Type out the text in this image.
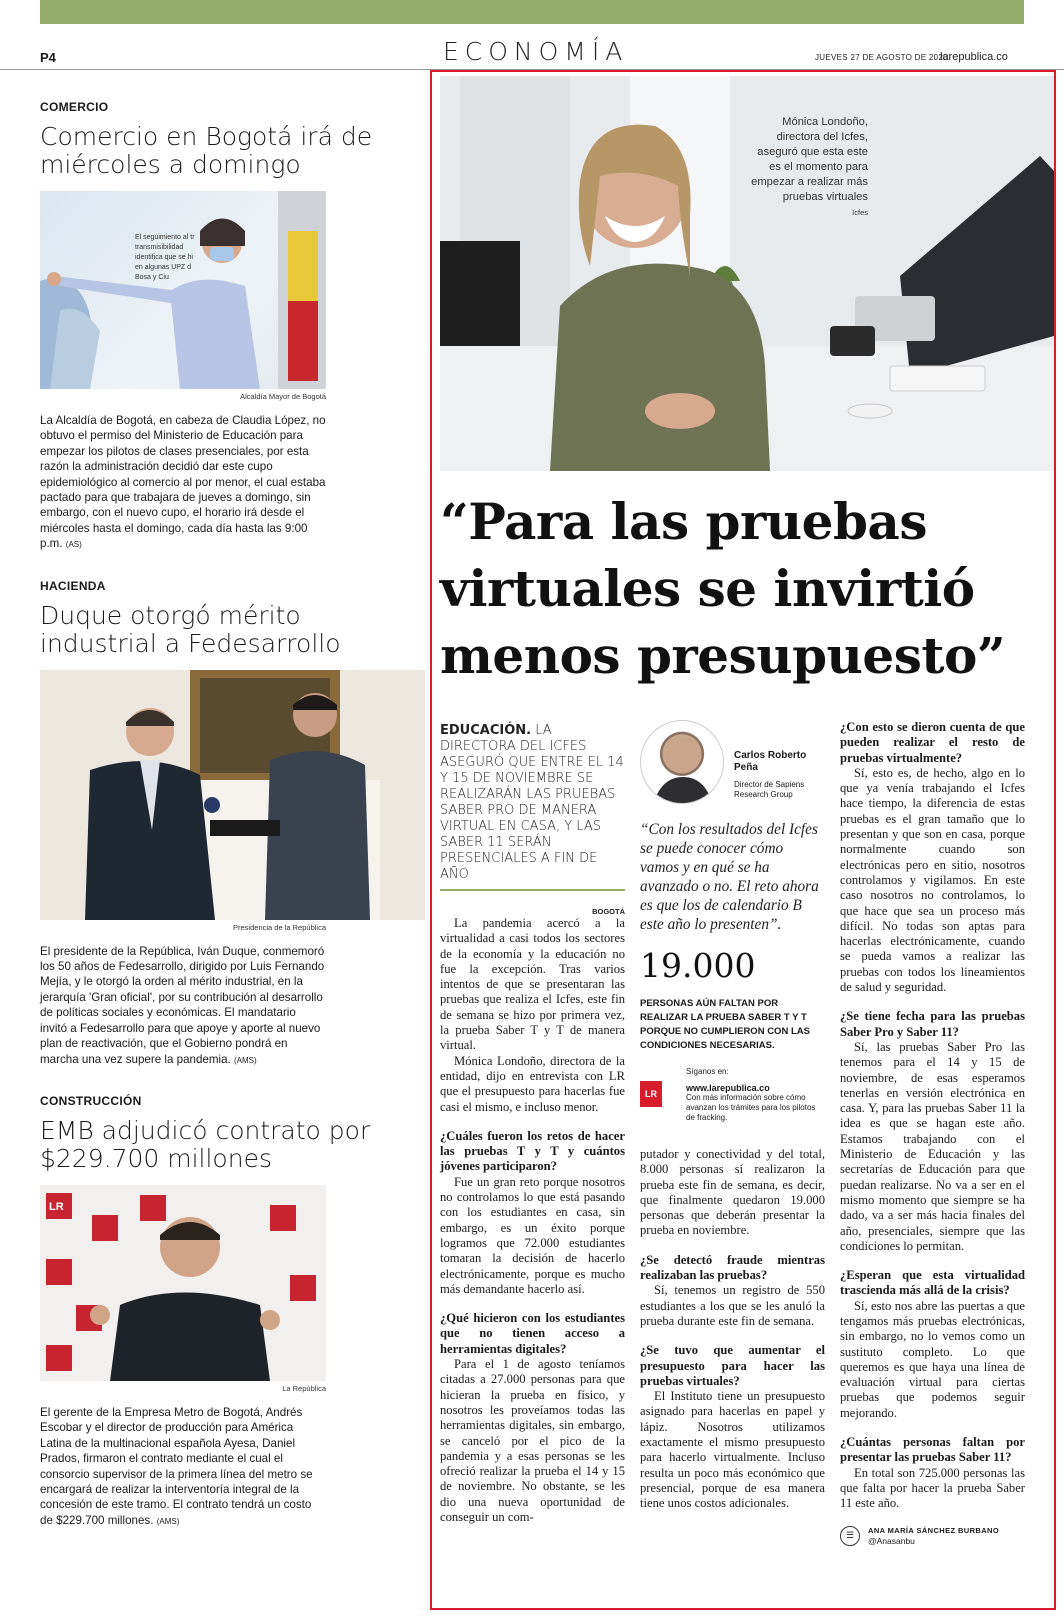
P4	ECONOMÍA	JUEVES 27 DE AGOSTO DE 2020
larepublica.co
COMERCIO
Comercio en Bogotá irá de miércoles a domingo
El seguimiento al tr
transmisibilidad
identifica que se hi
en algunas UPZ d
Bosa y Ciu
Alcaldía Mayor de Bogotá

La Alcaldía de Bogotá, en cabeza de Claudia López, no obtuvo el permiso del Ministerio de Educación para empezar los pilotos de clases presenciales, por esta razón la administración decidió dar este cupo epidemiológico al comercio al por menor, el cual estaba pactado para que trabajara de jueves a domingo, sin embargo, con el nuevo cupo, el horario irá desde el miércoles hasta el domingo, cada día hasta las 9:00 p.m. (AS)

HACIENDA
Duque otorgó mérito industrial a Fedesarrollo
Presidencia de la República

El presidente de la República, Iván Duque, conmemoró los 50 años de Fedesarrollo, dirigido por Luis Fernando Mejía, y le otorgó la orden al mérito industrial, en la jerarquía 'Gran oficial', por su contribución al desarrollo de políticas sociales y económicas. El mandatario invitó a Fedesarrollo para que apoye y aporte al nuevo plan de reactivación, que el Gobierno pondrá en marcha una vez supere la pandemia. (AMS)

CONSTRUCCIÓN
EMB adjudicó contrato por $229.700 millones
LR
La República

El gerente de la Empresa Metro de Bogotá, Andrés Escobar y el director de producción para América Latina de la multinacional española Ayesa, Daniel Prados, firmaron el contrato mediante el cual el consorcio supervisor de la primera línea del metro se encargará de realizar la interventoría integral de la concesión de este tramo. El contrato tendrá un costo de $229.700 millones. (AMS)

Mónica Londoño, directora del Icfes, aseguró que esta este es el momento para empezar a realizar más pruebas virtuales
Icfes
“Para las pruebas virtuales se invirtió menos presupuesto”
EDUCACIÓN. LA DIRECTORA DEL ICFES ASEGURÓ QUE ENTRE EL 14 Y 15 DE NOVIEMBRE SE REALIZARÁN LAS PRUEBAS SABER PRO DE MANERA VIRTUAL EN CASA, Y LAS SABER 11 SERÁN PRESENCIALES A FIN DE AÑO
BOGOTÁ

La pandemia acercó a la virtualidad a casi todos los sectores de la economía y la educación no fue la excepción. Tras varios intentos de que se presentaran las pruebas que realiza el Icfes, este fin de semana se hizo por primera vez, la prueba Saber T y T de manera virtual.

Mónica Londoño, directora de la entidad, dijo en entrevista con LR que el presupuesto para hacerlas fue casi el mismo, e incluso menor.

¿Cuáles fueron los retos de hacer las pruebas T y T y cuántos jóvenes participaron?

Fue un gran reto porque nosotros no controlamos lo que está pasando con los estudiantes en casa, sin embargo, es un éxito porque logramos que 72.000 estudiantes tomaran la decisión de hacerlo electrónicamente, porque es mucho más demandante hacerlo así.

¿Qué hicieron con los estudiantes que no tienen acceso a herramientas digitales?

Para el 1 de agosto teníamos citadas a 27.000 personas para que hicieran la prueba en físico, y nosotros les proveíamos todas las herramientas digitales, sin embargo, se canceló por el pico de la pandemia y a esas personas se les ofreció realizar la prueba el 14 y 15 de noviembre. No obstante, se les dio una nueva oportunidad de conseguir un com-

Carlos Roberto Peña
Director de Sapiens Research Group
“Con los resultados del Icfes se puede conocer cómo vamos y en qué se ha avanzado o no. El reto ahora es que los de calendario B este año lo presenten”.
19.000
PERSONAS AÚN FALTAN POR REALIZAR LA PRUEBA SABER T Y T PORQUE NO CUMPLIERON CON LAS CONDICIONES NECESARIAS.
LR
Síganos en:
www.larepublica.co
Con más información sobre cómo avanzan los trámites para los pilotos de fracking.

putador y conectividad y del total, 8.000 personas sí realizaron la prueba este fin de semana, es decir, que finalmente quedaron 19.000 personas que deberán presentar la prueba en noviembre.

¿Se detectó fraude mientras realizaban las pruebas?

Sí, tenemos un registro de 550 estudiantes a los que se les anuló la prueba durante este fin de semana.

¿Se tuvo que aumentar el presupuesto para hacer las pruebas virtuales?

El Instituto tiene un presupuesto asignado para hacerlas en papel y lápiz. Nosotros utilizamos exactamente el mismo presupuesto para hacerlo virtualmente. Incluso resulta un poco más económico que presencial, porque de esa manera tiene unos costos adicionales.

¿Con esto se dieron cuenta de que pueden realizar el resto de pruebas virtualmente?

Sí, esto es, de hecho, algo en lo que ya venía trabajando el Icfes hace tiempo, la diferencia de estas pruebas es el gran tamaño que lo presentan y que son en casa, porque normalmente cuando son electrónicas pero en sitio, nosotros controlamos y vigilamos. En este caso nosotros no controlamos, lo que hace que sea un proceso más difícil. No todas son aptas para hacerlas electrónicamente, cuando se pueda vamos a realizar las pruebas con todos los lineamientos de salud y seguridad.

¿Se tiene fecha para las pruebas Saber Pro y Saber 11?

Sí, las pruebas Saber Pro las tenemos para el 14 y 15 de noviembre, de esas esperamos tenerlas en versión electrónica en casa. Y, para las pruebas Saber 11 la idea es que se hagan este año. Estamos trabajando con el Ministerio de Educación y las secretarías de Educación para que puedan realizarse. No va a ser en el mismo momento que siempre se ha dado, va a ser más hacia finales del año, presenciales, siempre que las condiciones lo permitan.

¿Esperan que esta virtualidad trascienda más allá de la crisis?

Sí, esto nos abre las puertas a que tengamos más pruebas electrónicas, sin embargo, no lo vemos como un sustituto completo. Lo que queremos es que haya una línea de evaluación virtual para ciertas pruebas que podemos seguir mejorando.

¿Cuántas personas faltan por presentar las pruebas Saber 11?

En total son 725.000 personas las que falta por hacer la prueba Saber 11 este año.

☰	ANA MARÍA SÁNCHEZ BURBANO
@Anasanbu
